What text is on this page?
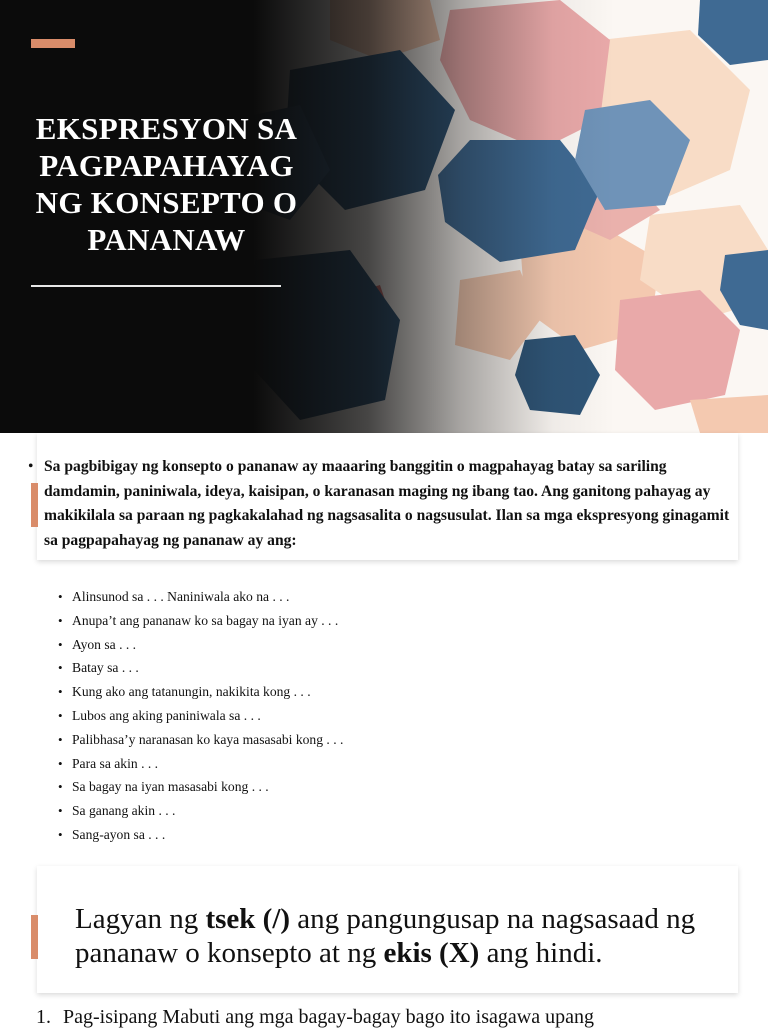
EKSPRESYON SA PAGPAPAHAYAG NG KONSEPTO O PANANAW
• Sa pagbibigay ng konsepto o pananaw ay maaaring banggitin o magpahayag batay sa sariling damdamin, paniniwala, ideya, kaisipan, o karanasan maging ng ibang tao. Ang ganitong pahayag ay makikilala sa paraan ng pagkakalahad ng nagsasalita o nagsusulat. Ilan sa mga ekspresyong ginagamit sa pagpapahayag ng pananaw ay ang:
• Alinsunod sa . . . Naniniwala ako na . . .
• Anupa’t ang pananaw ko sa bagay na iyan ay . . .
• Ayon sa . . .
• Batay sa . . .
• Kung ako ang tatanungin, nakikita kong . . .
• Lubos ang aking paniniwala sa . . .
• Palibhasa’y naranasan ko kaya masasabi kong . . .
• Para sa akin . . .
• Sa bagay na iyan masasabi kong . . .
• Sa ganang akin . . .
• Sang-ayon sa . . .
Lagyan ng tsek (/) ang pangungusap na nagsasaad ng pananaw o konsepto at ng ekis (X) ang hindi.
1. Pag-isipang Mabuti ang mga bagay-bagay bago ito isagawa upang
